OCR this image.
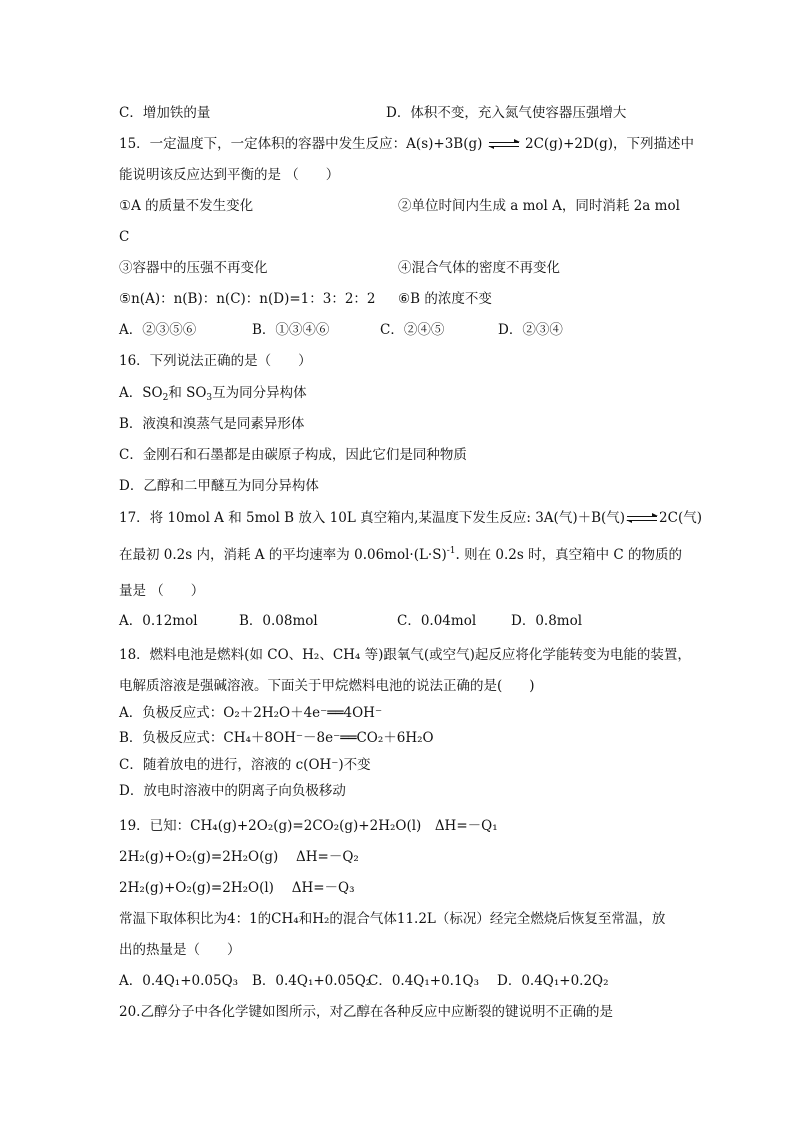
C．增加铁的量	D．体积不变，充入氮气使容器压强增大
15．一定温度下，一定体积的容器中发生反应：A(s)+3B(g) ⇌ 2C(g)+2D(g)，下列描述中
能说明该反应达到平衡的是 （　　）
①A 的质量不发生变化	②单位时间内生成 a mol A，同时消耗 2a mol
C
③容器中的压强不再变化	④混合气体的密度不再变化
⑤n(A)：n(B)：n(C)：n(D)=1：3：2：2 ⑥B 的浓度不变
A．②③⑤⑥	B．①③④⑥	C．②④⑤	D．②③④
16．下列说法正确的是（　　）
A．$SO_2$和 $SO_3$互为同分异构体
B．液溴和溴蒸气是同素异形体
C．金刚石和石墨都是由碳原子构成，因此它们是同种物质
D．乙醇和二甲醚互为同分异构体
17．将 10mol A 和 5mol B 放入 10L 真空箱内,某温度下发生反应: 3A(气)＋B(气) ⇌ 2C(气)
在最初 0.2s 内，消耗 A 的平均速率为 $0.06mol\cdot(L\cdot S)^{-1}$. 则在 0.2s 时，真空箱中 C 的物质的
量是 （　　）
A．0.12mol	B．0.08mol	C．0.04mol	D．0.8mol
18．燃料电池是燃料(如 CO、H₂、CH₄ 等)跟氧气(或空气)起反应将化学能转变为电能的装置，
电解质溶液是强碱溶液。下面关于甲烷燃料电池的说法正确的是(　　)
A．负极反应式：O₂＋2H₂O＋4e⁻══4OH⁻
B．负极反应式：CH₄＋8OH⁻－8e⁻══CO₂＋6H₂O
C．随着放电的进行，溶液的 c(OH⁻)不变
D．放电时溶液中的阴离子向负极移动
19．已知：CH₄(g)+2O₂(g)=2CO₂(g)+2H₂O(l)　ΔH=－Q₁
2H₂(g)+O₂(g)=2H₂O(g)　 ΔH=－Q₂
2H₂(g)+O₂(g)=2H₂O(l)　 ΔH=－Q₃
常温下取体积比为4：1的CH₄和H₂的混合气体11.2L（标况）经完全燃烧后恢复至常温，放
出的热量是（　　）
A．0.4Q₁+0.05Q₃ B．0.4Q₁+0.05Q₂C．0.4Q₁+0.1Q₃ D．0.4Q₁+0.2Q₂
20.乙醇分子中各化学键如图所示，对乙醇在各种反应中应断裂的键说明不正确的是
